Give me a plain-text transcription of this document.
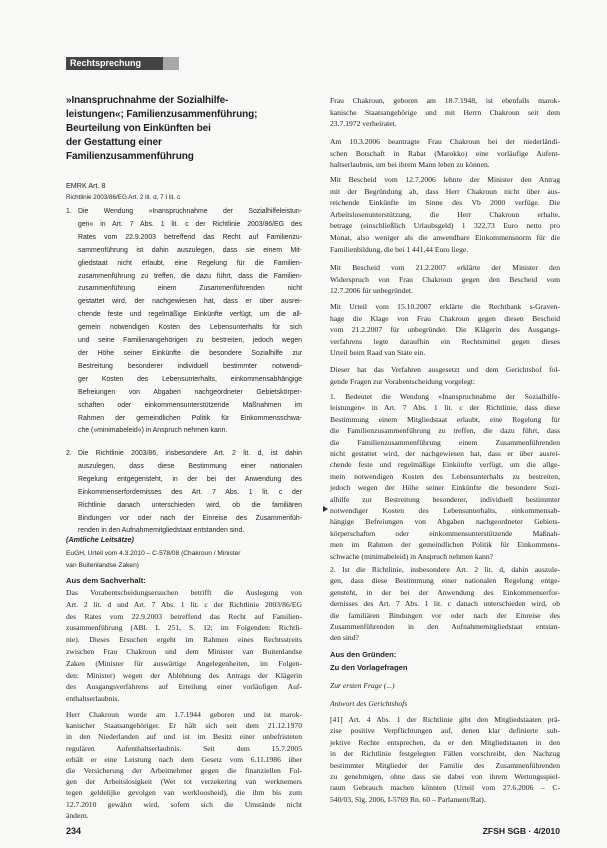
Rechtsprechung
»Inanspruchnahme der Sozialhilfe-
leistungen«; Familienzusammenführung;
Beurteilung von Einkünften bei
der Gestattung einer
Familienzusammenführung
EMRK Art. 8
Richtlinie 2003/86/EG Art. 2 lit. d, 7 I lit. c
1. Die Wendung »Inanspruchnahme der Sozialhilfeleistun-
gen« in Art. 7 Abs. 1 lit. c der Richtlinie 2003/86/EG des
Rates vom 22.9.2003 betreffend das Recht auf Familienzu-
sammenführung ist dahin auszulegen, dass sie einem Mit-
gliedstaat nicht erlaubt, eine Regelung für die Familien-
zusammenführung zu treffen, die dazu führt, dass die Familien-
zusammenführung einem Zusammenführenden nicht
gestattet wird, der nachgewiesen hat, dass er über ausrei-
chende feste und regelmäßige Einkünfte verfügt, um die all-
gemein notwendigen Kosten des Lebensunterhalts für sich
und seine Familienangehörigen zu bestreiten, jedoch wegen
der Höhe seiner Einkünfte die besondere Sozialhilfe zur
Bestreitung besonderer individuell bestimmter notwendi-
ger Kosten des Lebensunterhalts, einkommensabhängige
Befreiungen von Abgaben nachgeordneter Gebietskörper-
schaften oder einkommensunterstützende Maßnahmen im
Rahmen der gemeindlichen Politik für Einkommensschwa-
che (»minimabeleid«) in Anspruch nehmen kann.
2. Die Richtlinie 2003/86, insbesondere Art. 2 lit. d, ist dahin
auszulegen, dass diese Bestimmung einer nationalen
Regelung entgegensteht, in der bei der Anwendung des
Einkommenserfordernisses des Art. 7 Abs. 1 lit. c der
Richtlinie danach unterschieden wird, ob die familiären
Bindungen vor oder nach der Einreise des Zusammenfüh-
renden in den Aufnahmemitgliedstaat entstanden sind.
(Amtliche Leitsätze)
EuGH, Urteil vom 4.3.2010 – C-578/08 (Chakroun / Minister
van Buitenlandse Zaken)
Aus dem Sachverhalt:
Das Vorabentscheidungsersuchen betrifft die Auslegung von
Art. 2 lit. d und Art. 7 Abs. 1 lit. c der Richtlinie 2003/86/EG
des Rates vom 22.9.2003 betreffend das Recht auf Familien-
zusammenführung (ABl. L 251, S. 12; im Folgenden: Richtli-
nie). Dieses Ersuchen ergeht im Rahmen eines Rechtsstreits
zwischen Frau Chakroun und dem Minister van Buitenlandse
Zaken (Minister für auswärtige Angelegenheiten, im Folgen-
den: Minister) wegen der Ablehnung des Antrags der Klägerin
des Ausgangsverfahrens auf Erteilung einer vorläufigen Auf-
enthaltserlaubnis.
Herr Chakroun wurde am 1.7.1944 geboren und ist marok-
kanischer Staatsangehöriger. Er hält sich seit dem 21.12.1970
in den Niederlanden auf und ist im Besitz einer unbefristeten
regulären Aufenthaltserlaubnis. Seit dem 15.7.2005
erhält er eine Leistung nach dem Gesetz vom 6.11.1986 über
die Versicherung der Arbeitnehmer gegen die finanziellen Fol-
gen der Arbeitslosigkeit (Wet tot verzekering van werknemers
tegen geldelijke gevolgen van werkloosheid), die ihm bis zum
12.7.2010 gewährt wird, sofern sich die Umstände nicht
ändern.
Frau Chakroun, geboren am 18.7.1948, ist ebenfalls marok-
kanische Staatsangehörige und mit Herrn Chakroun seit dem
23.7.1972 verheiratet.
Am 10.3.2006 beantragte Frau Chakroun bei der niederländi-
schen Botschaft in Rabat (Marokko) eine vorläufige Aufent-
haltserlaubnis, um bei ihrem Mann leben zu können.
Mit Bescheid vom 12.7.2006 lehnte der Minister den Antrag
mit der Begründung ab, dass Herr Chakroun nicht über aus-
reichende Einkünfte im Sinne des Vb 2000 verfüge. Die
Arbeitslosenunterstützung, die Herr Chakroun erhalte,
betrage (einschließlich Urlaubsgeld) 1 322,73 Euro netto pro
Monat, also weniger als die anwendbare Einkommensnorm für die
Familienbildung, die bei 1 441,44 Euro liege.
Mit Bescheid vom 21.2.2007 erklärte der Minister den
Widerspruch von Frau Chakroun gegen den Bescheid vom
12.7.2006 für unbegründet.
Mit Urteil vom 15.10.2007 erklärte die Rechtbank s-Graven-
hage die Klage von Frau Chakroun gegen diesen Bescheid
vom 21.2.2007 für unbegründet. Die Klägerin des Ausgangs-
verfahrens legte daraufhin ein Rechtsmittel gegen dieses
Urteil beim Raad van State ein.
Dieser hat das Verfahren ausgesetzt und dem Gerichtshof fol-
gende Fragen zur Vorabentscheidung vorgelegt:
1. Bedeutet die Wendung »Inanspruchnahme der Sozialhilfe-
leistungen« in Art. 7 Abs. 1 lit. c der Richtlinie, dass diese
Bestimmung einem Mitgliedstaat erlaubt, eine Regelung für
die Familienzusammenführung zu treffen, die dazu führt, dass
die Familienzusammenführung einem Zusammenführenden
nicht gestattet wird, der nachgewiesen hat, dass er über ausrei-
chende feste und regelmäßige Einkünfte verfügt, um die allge-
mein notwendigen Kosten des Lebensunterhalts zu bestreiten,
jedoch wegen der Höhe seiner Einkünfte die besondere Sozi-
alhilfe zur Bestreitung besonderer, individuell bestimmter
notwendiger Kosten des Lebensunterhalts, einkommensab-
hängige Befreiungen von Abgaben nachgeordneter Gebiets-
körperschaften oder einkommensunterstützende Maßnah-
men im Rahmen der gemeindlichen Politik für Einkommens-
schwache (minimabeleid) in Anspruch nehmen kann?
2. Ist die Richtlinie, insbesondere Art. 2 lit. d, dahin auszule-
gen, dass diese Bestimmung einer nationalen Regelung entge-
gensteht, in der bei der Anwendung des Einkommenserfor-
dernisses des Art. 7 Abs. 1 lit. c danach unterschieden wird, ob
die familiären Bindungen vor oder nach der Einreise des
Zusammenführenden in den Aufnahmemitgliedstaat entstan-
den sind?
Aus den Gründen:
Zu den Vorlagefragen
Zur ersten Frage (...)
Antwort des Gerichtshofs
[41] Art. 4 Abs. 1 der Richtlinie gibt den Mitgliedstaaten prä-
zise positive Verpflichtungen auf, denen klar definierte sub-
jektive Rechte entsprechen, da er den Mitgliedstaaten in den
in der Richtlinie festgelegten Fällen vorschreibt, den Nachzug
bestimmter Mitglieder der Familie des Zusammenführenden
zu genehmigen, ohne dass sie dabei von ihrem Wertungsspiel-
raum Gebrauch machen könnten (Urteil vom 27.6.2006 – C-
540/03, Slg. 2006, I-5769 Rn. 60 – Parlament/Rat).
234	ZFSH SGB · 4/2010
